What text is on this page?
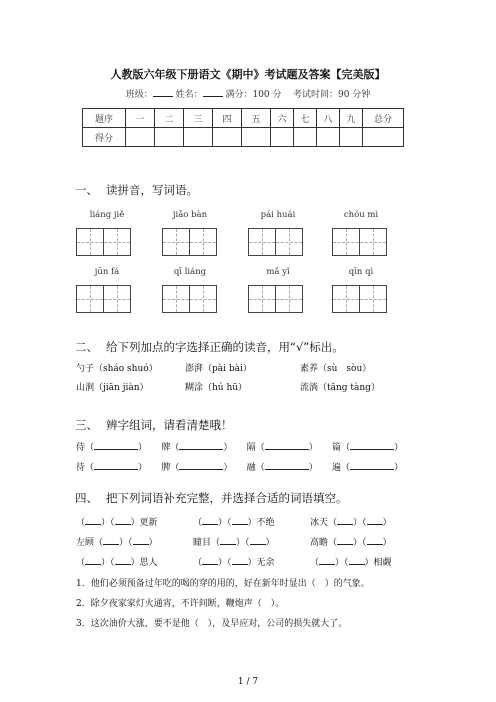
人教版六年级下册语文《期中》考试题及答案【完美版】
班级：	姓名：	满分：100 分 考试时间：90 分钟
题序	一	二	三	四	五	六	七	八	九	总分
得分										
一、 读拼音，写词语。
liáng jiě	jiǎo bàn	pái huái	chóu mì
jūn fá	qī liáng	mǎ yǐ	qīn qì
二、 给下列加点的字选择正确的读音，用“√”标出。
勺子（sháo shuó）	澎湃（pài bài）	素养（sù　sòu）
山涧（jiān jiàn）	糊涂（hú hū）	流淌（tǎng tàng）
三、 辨字组词，请看清楚哦！
侍（	）     牌（	）     隔（	）     篇（	）
待（	）     脾（	）     融（	）     遍（	）
四、 把下列词语补充完整，并选择合适的词语填空。
（ ）（ ）更新	（ ）（ ）不绝	冰天（ ）（ ）
左顾（ ）（ ）	瞳目（ ）（ ）	高瞻（ ）（ ）
（ ）（ ）思人	（ ）（ ）无余	（ ）（ ）相觑
1．他们必须预备过年吃的喝的穿的用的，好在新年时显出（　）的气象。
2．除夕夜家家灯火通宵，不许间断，鞭炮声（　）。
3．这次油价大涨，要不是他（　），及早应对，公司的损失就大了。
1 / 7
